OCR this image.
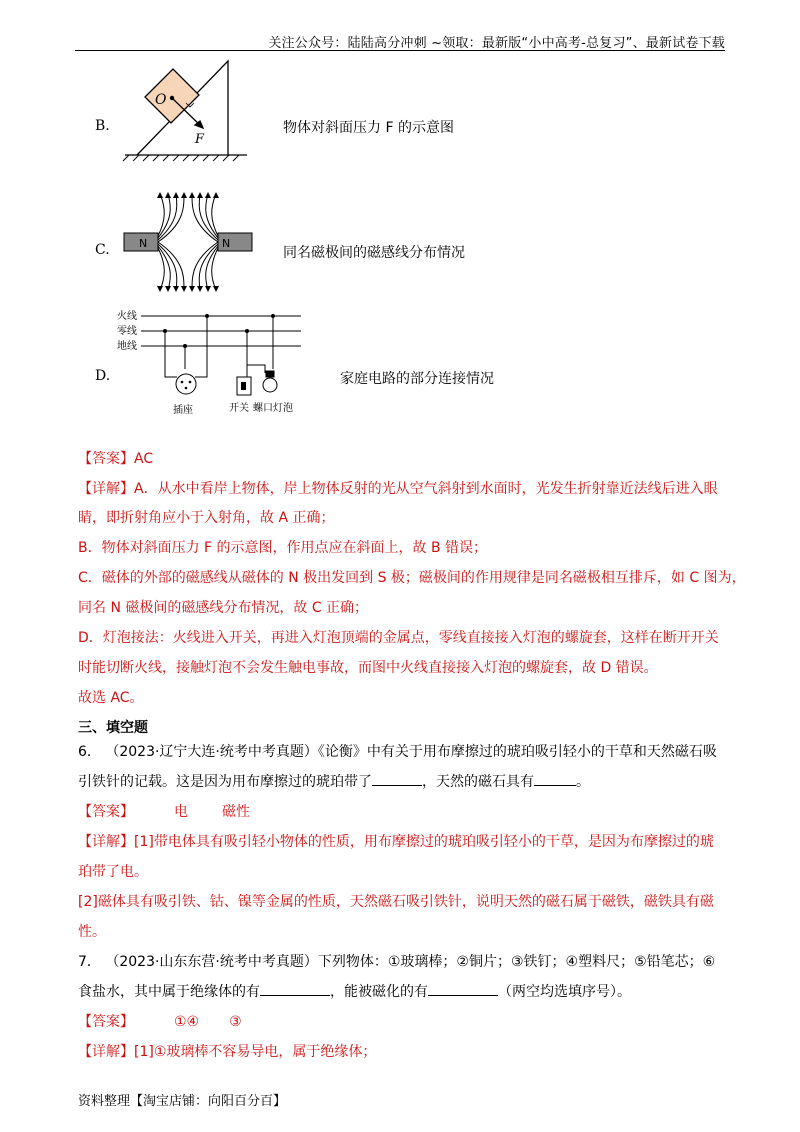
关注公众号：陆陆高分冲刺 ~领取：最新版“小中高考-总复习”、最新试卷下载
B.
O
F
物体对斜面压力 F 的示意图
C.	N	N
同名磁极间的磁感线分布情况
D.
火线
零线
地线
插座	开关 螺口灯泡
家庭电路的部分连接情况
【答案】AC
【详解】A．从水中看岸上物体，岸上物体反射的光从空气斜射到水面时，光发生折射靠近法线后进入眼
睛，即折射角应小于入射角，故 A 正确；
B．物体对斜面压力 F 的示意图，作用点应在斜面上，故 B 错误；
C．磁体的外部的磁感线从磁体的 N 极出发回到 S 极；磁极间的作用规律是同名磁极相互排斥，如 C 图为，
同名 N 磁极间的磁感线分布情况，故 C 正确；
D．灯泡接法：火线进入开关，再进入灯泡顶端的金属点，零线直接接入灯泡的螺旋套，这样在断开开关
时能切断火线，接触灯泡不会发生触电事故，而图中火线直接接入灯泡的螺旋套，故 D 错误。
故选 AC。
三、填空题
6． （2023·辽宁大连·统考中考真题）《论衡》中有关于用布摩擦过的琥珀吸引轻小的干草和天然磁石吸
引铁针的记载。这是因为用布摩擦过的琥珀带了	，天然的磁石具有	。
【答案】	电 磁性
【详解】[1]带电体具有吸引轻小物体的性质，用布摩擦过的琥珀吸引轻小的干草，是因为布摩擦过的琥
珀带了电。
[2]磁体具有吸引铁、钴、镍等金属的性质，天然磁石吸引铁针，说明天然的磁石属于磁铁，磁铁具有磁
性。
7． （2023·山东东营·统考中考真题）下列物体：①玻璃棒；②铜片；③铁钉；④塑料尺；⑤铅笔芯；⑥
食盐水，其中属于绝缘体的有	，能被磁化的有	（两空均选填序号）。
【答案】	①④ ③
【详解】[1]①玻璃棒不容易导电，属于绝缘体；
资料整理【淘宝店铺：向阳百分百】
